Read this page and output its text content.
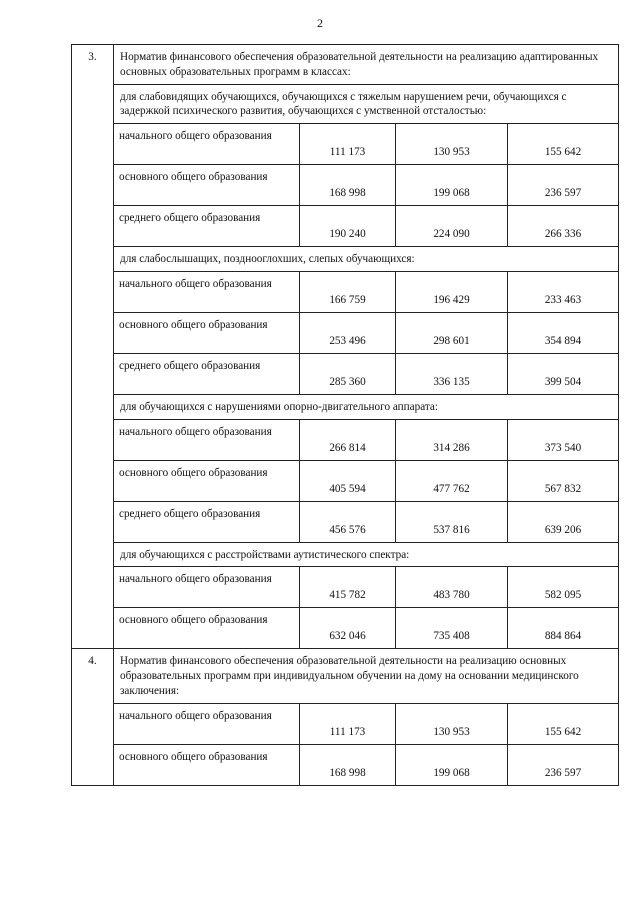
2
3.	Норматив финансового обеспечения образовательной деятельности на реализацию адаптированных основных образовательных программ в классах:			
	для слабовидящих обучающихся, обучающихся с тяжелым нарушением речи, обучающихся с задержкой психического развития, обучающихся с умственной отсталостью:			
	начального общего образования	111 173	130 953	155 642
	основного общего образования	168 998	199 068	236 597
	среднего общего образования	190 240	224 090	266 336
	для слабослышащих, позднооглохших, слепых обучающихся:			
	начального общего образования	166 759	196 429	233 463
	основного общего образования	253 496	298 601	354 894
	среднего общего образования	285 360	336 135	399 504
	для обучающихся с нарушениями опорно-двигательного аппарата:			
	начального общего образования	266 814	314 286	373 540
	основного общего образования	405 594	477 762	567 832
	среднего общего образования	456 576	537 816	639 206
	для обучающихся с расстройствами аутистического спектра:			
	начального общего образования	415 782	483 780	582 095
	основного общего образования	632 046	735 408	884 864
4.	Норматив финансового обеспечения образовательной деятельности на реализацию основных образовательных программ при индивидуальном обучении на дому на основании медицинского заключения:			
	начального общего образования	111 173	130 953	155 642
	основного общего образования	168 998	199 068	236 597
